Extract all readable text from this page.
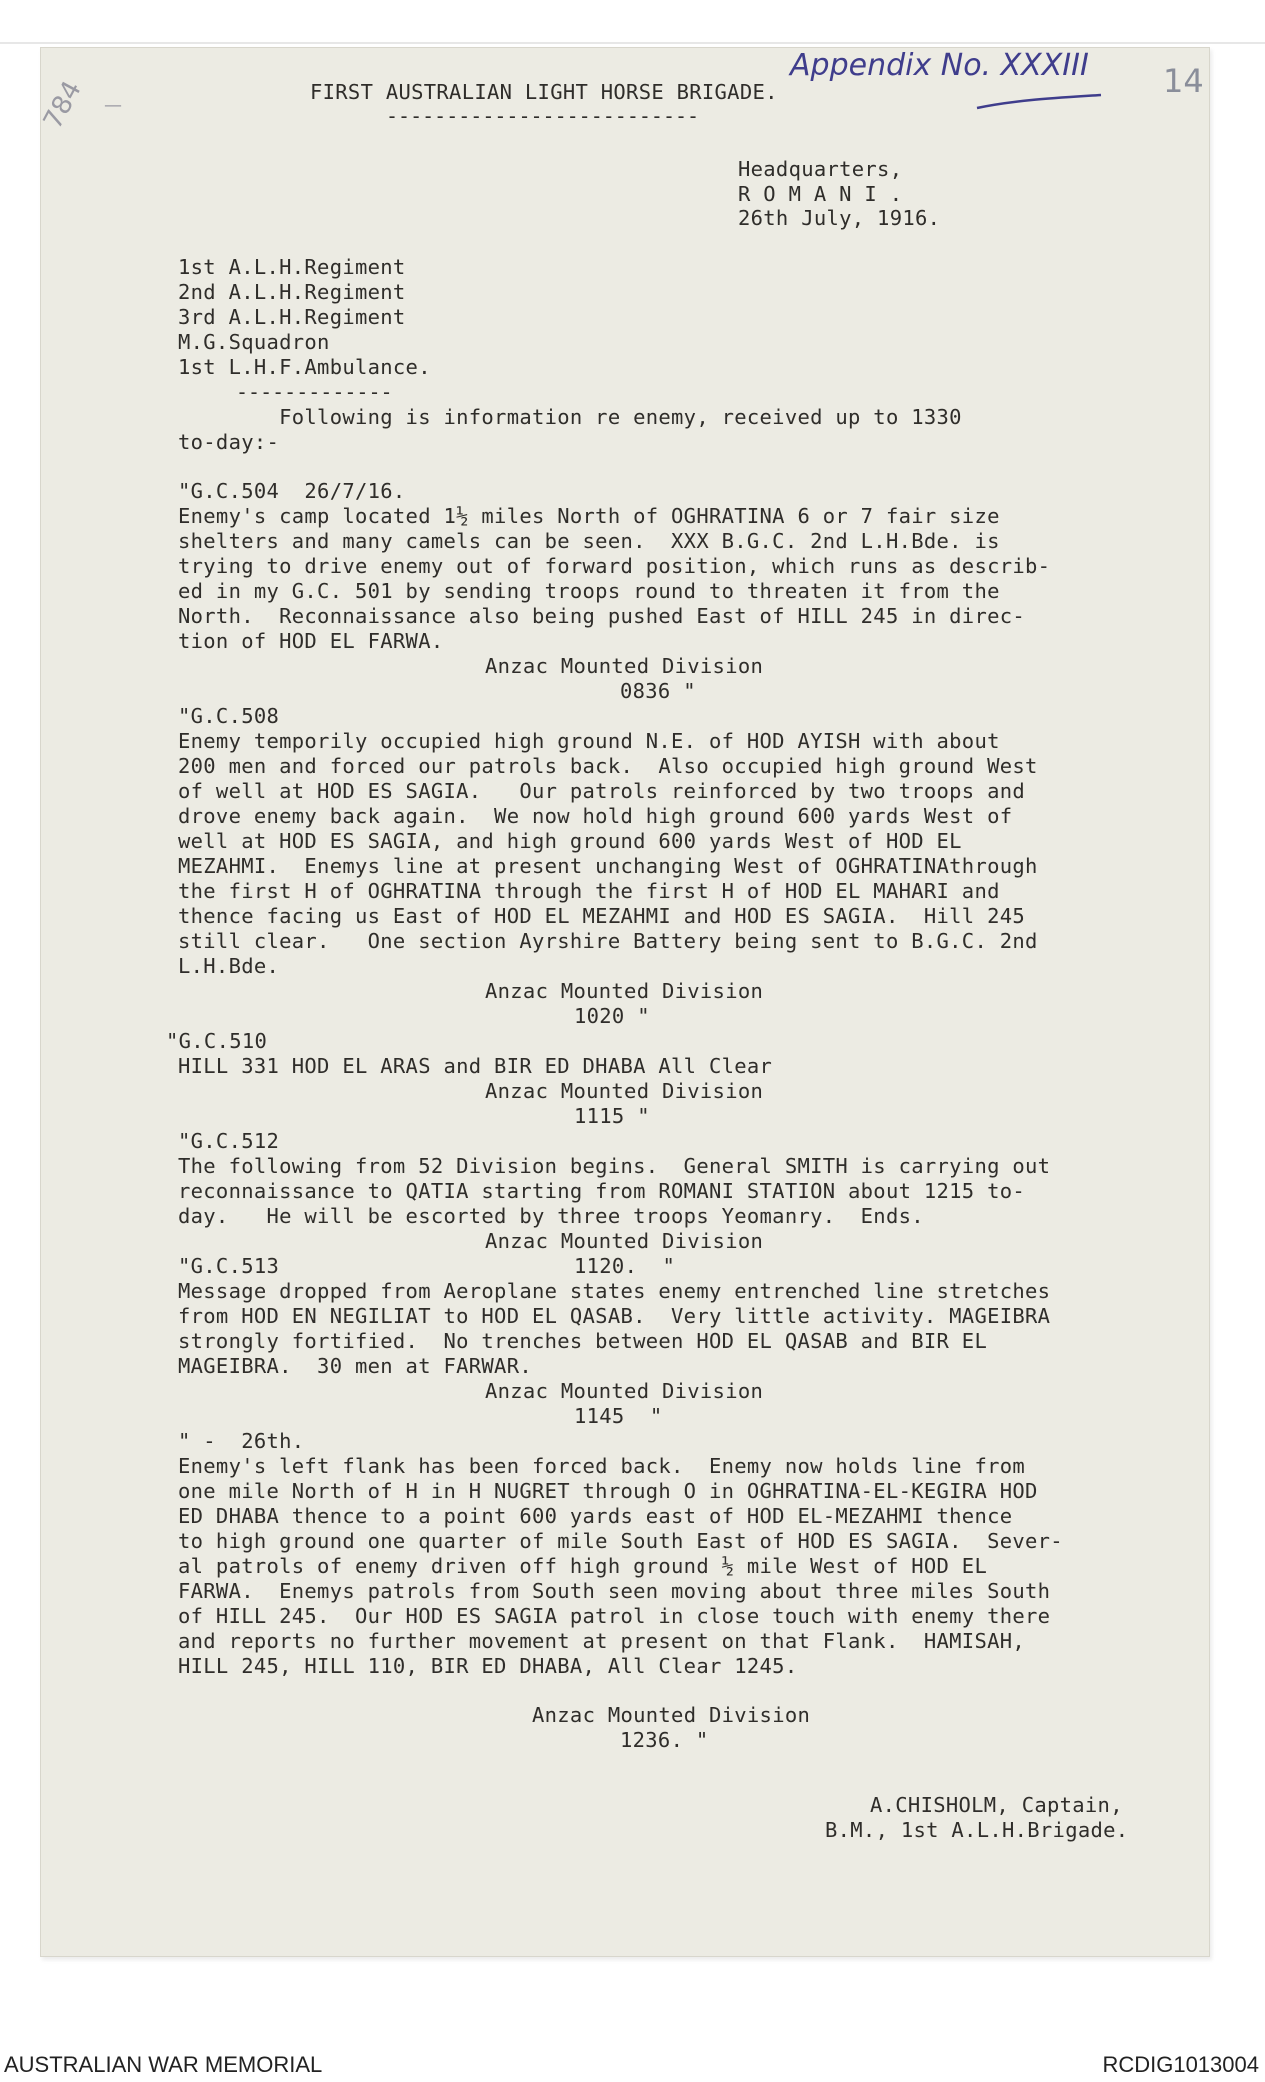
FIRST AUSTRALIAN LIGHT HORSE BRIGADE.
--------------------------
Appendix No. XXXIII 14
784 —
Headquarters,
R O M A N I .
26th July, 1916.
1st A.L.H.Regiment
2nd A.L.H.Regiment
3rd A.L.H.Regiment
M.G.Squadron
1st L.H.F.Ambulance.
-------------
Following is information re enemy, received up to 1330
to-day:-
"G.C.504  26/7/16.
Enemy's camp located 1½ miles North of OGHRATINA 6 or 7 fair size
shelters and many camels can be seen.  XXX B.G.C. 2nd L.H.Bde. is
trying to drive enemy out of forward position, which runs as describ-
ed in my G.C. 501 by sending troops round to threaten it from the
North.  Reconnaissance also being pushed East of HILL 245 in direc-
tion of HOD EL FARWA.
Anzac Mounted Division
0836 "
"G.C.508
Enemy temporily occupied high ground N.E. of HOD AYISH with about
200 men and forced our patrols back.  Also occupied high ground West
of well at HOD ES SAGIA.   Our patrols reinforced by two troops and
drove enemy back again.  We now hold high ground 600 yards West of
well at HOD ES SAGIA, and high ground 600 yards West of HOD EL
MEZAHMI.  Enemys line at present unchanging West of OGHRATINAthrough
the first H of OGHRATINA through the first H of HOD EL MAHARI and
thence facing us East of HOD EL MEZAHMI and HOD ES SAGIA.  Hill 245
still clear.   One section Ayrshire Battery being sent to B.G.C. 2nd
L.H.Bde.
Anzac Mounted Division
1020 "
"G.C.510
HILL 331 HOD EL ARAS and BIR ED DHABA All Clear
Anzac Mounted Division
1115 "
"G.C.512
The following from 52 Division begins.  General SMITH is carrying out
reconnaissance to QATIA starting from ROMANI STATION about 1215 to-
day.   He will be escorted by three troops Yeomanry.  Ends.
Anzac Mounted Division
1120.  "
"G.C.513
Message dropped from Aeroplane states enemy entrenched line stretches
from HOD EN NEGILIAT to HOD EL QASAB.  Very little activity. MAGEIBRA
strongly fortified.  No trenches between HOD EL QASAB and BIR EL
MAGEIBRA.  30 men at FARWAR.
Anzac Mounted Division
1145  "
" -  26th.
Enemy's left flank has been forced back.  Enemy now holds line from
one mile North of H in H NUGRET through O in OGHRATINA-EL-KEGIRA HOD
ED DHABA thence to a point 600 yards east of HOD EL-MEZAHMI thence
to high ground one quarter of mile South East of HOD ES SAGIA.  Sever-
al patrols of enemy driven off high ground ½ mile West of HOD EL
FARWA.  Enemys patrols from South seen moving about three miles South
of HILL 245.  Our HOD ES SAGIA patrol in close touch with enemy there
and reports no further movement at present on that Flank.  HAMISAH,
HILL 245, HILL 110, BIR ED DHABA, All Clear 1245.
Anzac Mounted Division
1236. "
A.CHISHOLM, Captain,
B.M., 1st A.L.H.Brigade.
AUSTRALIAN WAR MEMORIAL	RCDIG1013004
